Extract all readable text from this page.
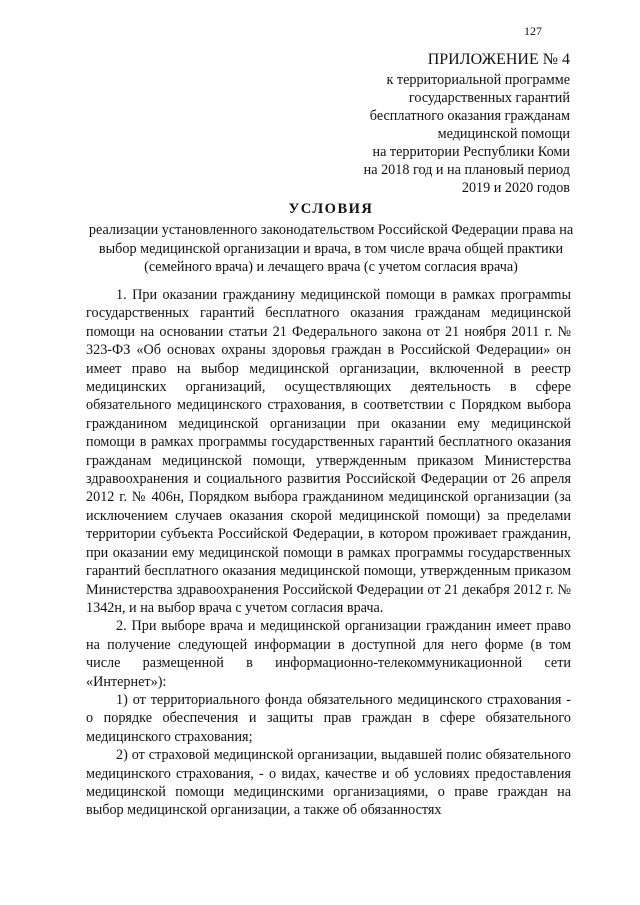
127
ПРИЛОЖЕНИЕ № 4
к территориальной программе
государственных гарантий
бесплатного оказания гражданам
медицинской помощи
на территории Республики Коми
на 2018 год и на плановый период
2019 и 2020 годов
УСЛОВИЯ
реализации установленного законодательством Российской Федерации права на выбор медицинской организации и врача, в том числе врача общей практики (семейного врача) и лечащего врача (с учетом согласия врача)

1. При оказании гражданину медицинской помощи в рамках програмmы государственных гарантий бесплатного оказания гражданам медицинской помощи на основании статьи 21 Федерального закона от 21 ноября 2011 г. № 323-ФЗ «Об основах охраны здоровья граждан в Российской Федерации» он имеет право на выбор медицинской организации, включенной в реестр медицинских организаций, осуществляющих деятельность в сфере обязательного медицинского страхования, в соответствии с Порядком выбора гражданином медицинской организации при оказании ему медицинской помощи в рамках программы государственных гарантий бесплатного оказания гражданам медицинской помощи, утвержденным приказом Министерства здравоохранения и социального развития Российской Федерации от 26 апреля 2012 г. № 406н, Порядком выбора гражданином медицинской организации (за исключением случаев оказания скорой медицинской помощи) за пределами территории субъекта Российской Федерации, в котором проживает гражданин, при оказании ему медицинской помощи в рамках программы государственных гарантий бесплатного оказания медицинской помощи, утвержденным приказом Министерства здравоохранения Российской Федерации от 21 декабря 2012 г. № 1342н, и на выбор врача с учетом согласия врача.

2. При выборе врача и медицинской организации гражданин имеет право на получение следующей информации в доступной для него форме (в том числе размещенной в информационно-телекоммуникационной сети «Интернет»):

1) от территориального фонда обязательного медицинского страхования - о порядке обеспечения и защиты прав граждан в сфере обязательного медицинского страхования;

2) от страховой медицинской организации, выдавшей полис обязательного медицинского страхования, - о видах, качестве и об условиях предоставления медицинской помощи медицинскими организациями, о праве граждан на выбор медицинской организации, а также об обязанностях
